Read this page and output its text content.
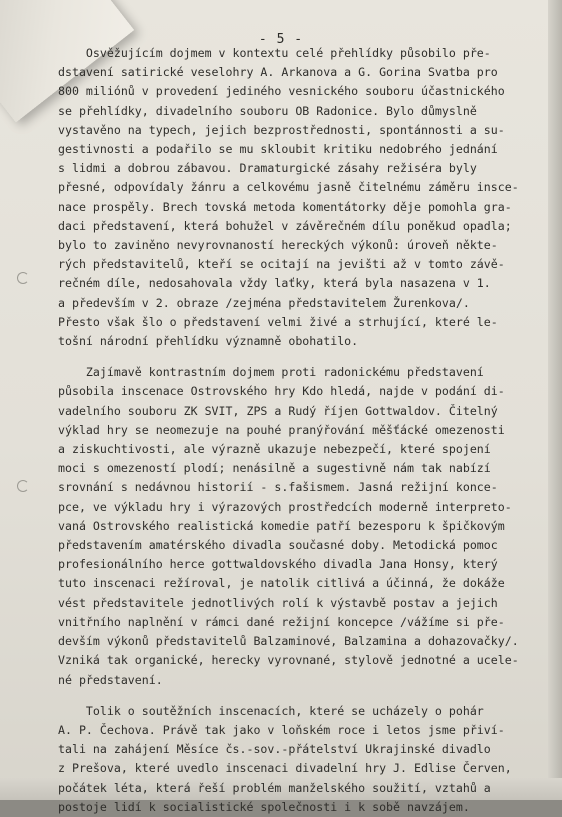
- 5 -
Osvěžujícím dojmem v kontextu celé přehlídky působilo pře-
dstavení satirické veselohry A. Arkanova a G. Gorina Svatba pro
800 miliónů v provedení jediného vesnického souboru účastnického
se přehlídky, divadelního souboru OB Radonice. Bylo důmyslně
vystavěno na typech, jejich bezprostřednosti, spontánnosti a su-
gestivnosti a podařilo se mu skloubit kritiku nedobrého jednání
s lidmi a dobrou zábavou. Dramaturgické zásahy režiséra byly
přesné, odpovídaly žánru a celkovému jasně čitelnému záměru insce-
nace prospěly. Brech tovská metoda komentátorky děje pomohla gra-
daci představení, která bohužel v závěrečném dílu poněkud opadla;
bylo to zaviněno nevyrovnaností hereckých výkonů: úroveň někte-
rých představitelů, kteří se ocitají na jevišti až v tomto závě-
rečném díle, nedosahovala vždy laťky, která byla nasazena v 1.
a především v 2. obraze /zejména představitelem Žurenkova/.
Přesto však šlo o představení velmi živé a strhující, které le-
tošní národní přehlídku významně obohatilo.
Zajímavě kontrastním dojmem proti radonickému představení
působila inscenace Ostrovského hry Kdo hledá, najde v podání di-
vadelního souboru ZK SVIT, ZPS a Rudý říjen Gottwaldov. Čitelný
výklad hry se neomezuje na pouhé pranýřování měšťácké omezenosti
a ziskuchtivosti, ale výrazně ukazuje nebezpečí, které spojení
moci s omezeností plodí; nenásilně a sugestivně nám tak nabízí
srovnání s nedávnou historií - s.fašismem. Jasná režijní konce-
pce, ve výkladu hry i výrazových prostředcích moderně interpreto-
vaná Ostrovského realistická komedie patří bezesporu k špičkovým
představením amatérského divadla současné doby. Metodická pomoc
profesionálního herce gottwaldovského divadla Jana Honsy, který
tuto inscenaci režíroval, je natolik citlivá a účinná, že dokáže
vést představitele jednotlivých rolí k výstavbě postav a jejich
vnitřního naplnění v rámci dané režijní koncepce /vážíme si pře-
devším výkonů představitelů Balzaminové, Balzamina a dohazovačky/.
Vzniká tak organické, herecky vyrovnané, stylově jednotné a ucele-
né představení.
Tolik o soutěžních inscenacích, které se ucházely o pohár
A. P. Čechova. Právě tak jako v loňském roce i letos jsme přiví-
tali na zahájení Měsíce čs.-sov.-přátelství Ukrajinské divadlo
z Prešova, které uvedlo inscenaci divadelní hry J. Edlise Červen,
počátek léta, která řeší problém manželského soužití, vztahů a
postoje lidí k socialistické společnosti i k sobě navzájem.
